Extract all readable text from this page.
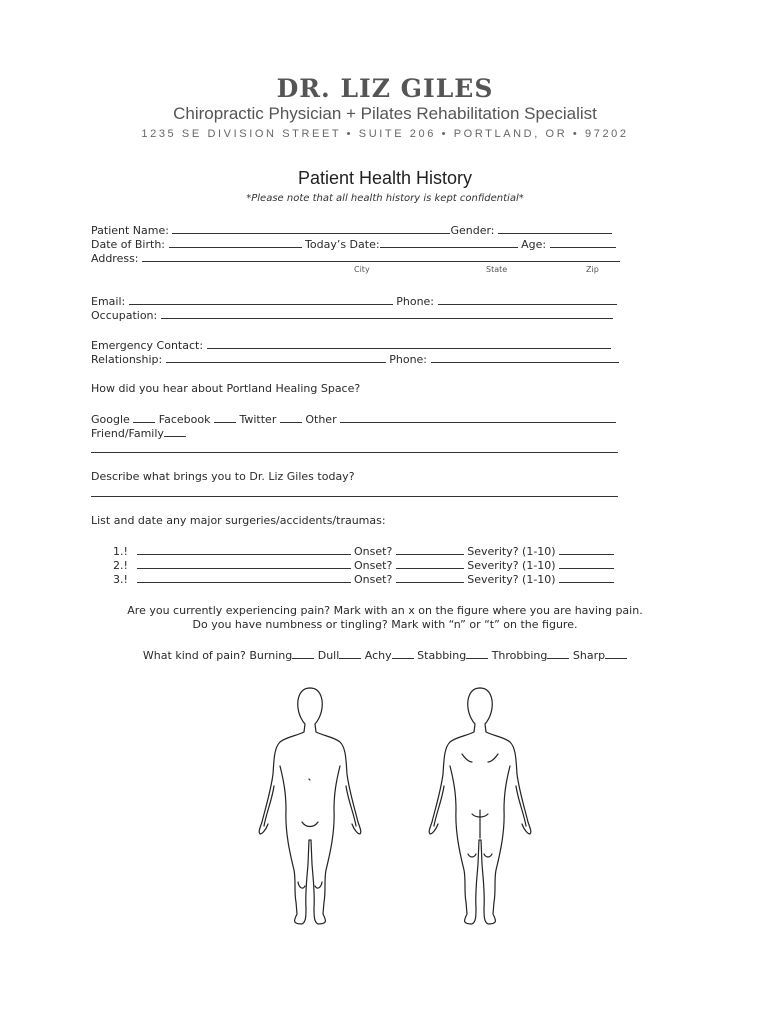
DR. LIZ GILES
Chiropractic Physician + Pilates Rehabilitation Specialist
1235 SE DIVISION STREET • SUITE 206 • PORTLAND, OR • 97202
Patient Health History
*Please note that all health history is kept confidential*
Patient Name:	Gender:
Date of Birth:	Today’s Date:	Age:
Address:
City	State	Zip
Email:	Phone:
Occupation:
Emergency Contact:
Relationship:	Phone:
How did you hear about Portland Healing Space?
Google	Facebook	Twitter	Other
Friend/Family
Describe what brings you to Dr. Liz Giles today?
List and date any major surgeries/accidents/traumas:
1.!	Onset?	Severity? (1-10)
2.!	Onset?	Severity? (1-10)
3.!	Onset?	Severity? (1-10)
Are you currently experiencing pain? Mark with an x on the figure where you are having pain.
Do you have numbness or tingling? Mark with “n” or “t” on the figure.
What kind of pain? Burning Dull Achy Stabbing Throbbing Sharp
